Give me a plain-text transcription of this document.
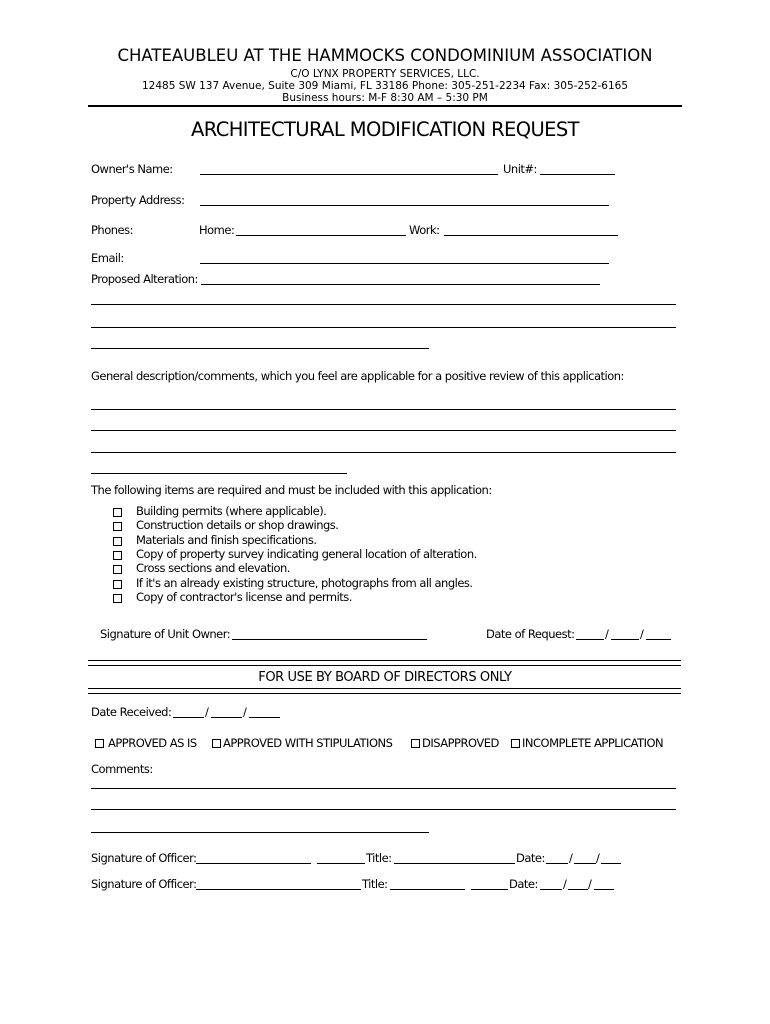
CHATEAUBLEU AT THE HAMMOCKS CONDOMINIUM ASSOCIATION
C/O LYNX PROPERTY SERVICES, LLC.
12485 SW 137 Avenue, Suite 309 Miami, FL 33186 Phone: 305-251-2234 Fax: 305-252-6165
Business hours: M-F 8:30 AM – 5:30 PM
ARCHITECTURAL MODIFICATION REQUEST
Owner's Name:	Unit#:
Property Address:
Phones:	Home:	Work:
Email:
Proposed Alteration:
General description/comments, which you feel are applicable for a positive review of this application:
The following items are required and must be included with this application:
Building permits (where applicable).
Construction details or shop drawings.
Materials and finish specifications.
Copy of property survey indicating general location of alteration.
Cross sections and elevation.
If it's an already existing structure, photographs from all angles.
Copy of contractor's license and permits.
Signature of Unit Owner:	Date of Request:	/	/
FOR USE BY BOARD OF DIRECTORS ONLY
Date Received:	/	/
APPROVED AS IS APPROVED WITH STIPULATIONS	DISAPPROVED INCOMPLETE APPLICATION
Comments:
Signature of Officer:	Title:	Date: / /
Signature of Officer:	Title:	Date: / /
